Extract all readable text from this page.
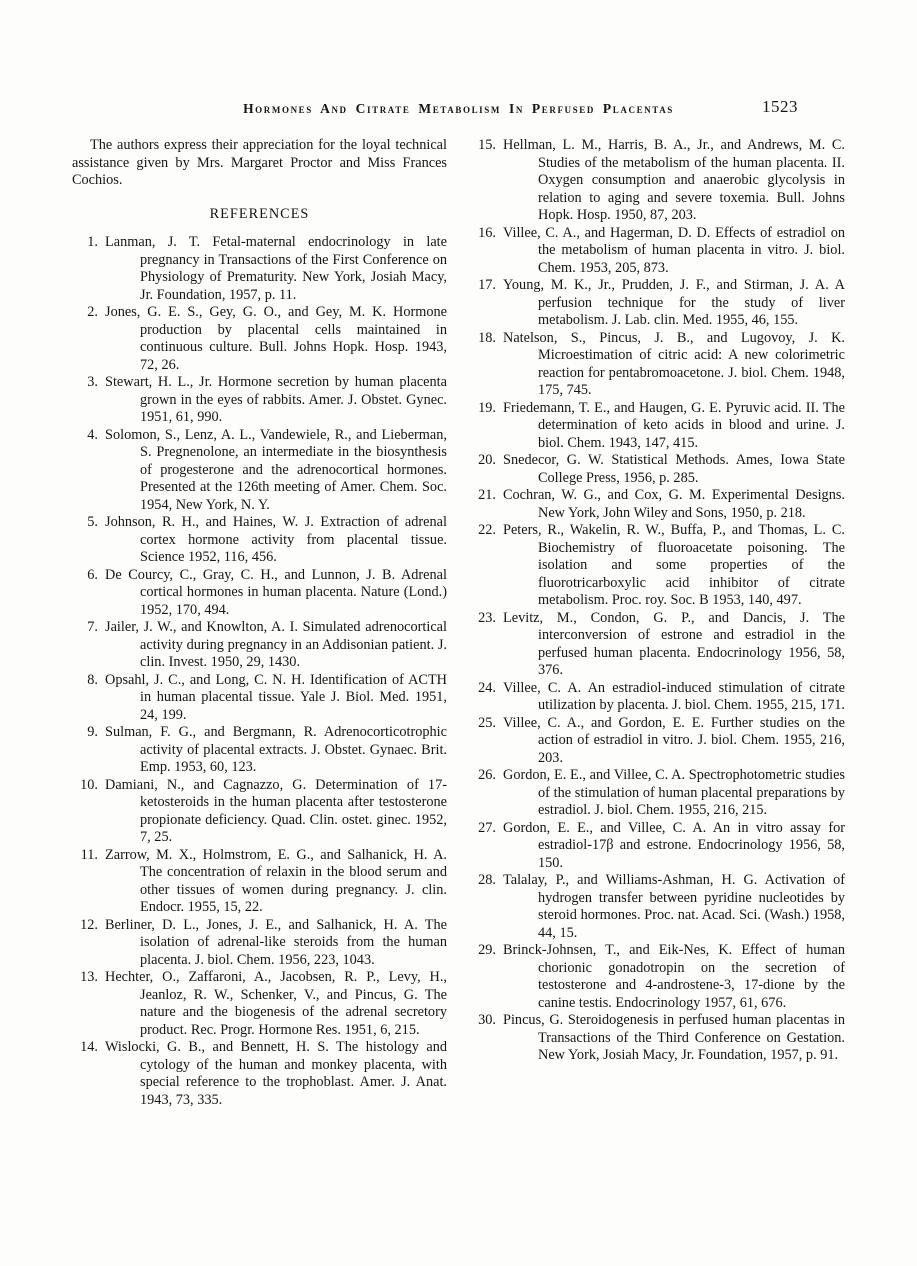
Hormones And Citrate Metabolism In Perfused Placentas	1523

The authors express their appreciation for the loyal technical assistance given by Mrs. Margaret Proctor and Miss Frances Cochios.

REFERENCES
1. Lanman, J. T. Fetal-maternal endocrinology in late pregnancy in Transactions of the First Conference on Physiology of Prematurity. New York, Josiah Macy, Jr. Foundation, 1957, p. 11.
2. Jones, G. E. S., Gey, G. O., and Gey, M. K. Hormone production by placental cells maintained in continuous culture. Bull. Johns Hopk. Hosp. 1943, 72, 26.
3. Stewart, H. L., Jr. Hormone secretion by human placenta grown in the eyes of rabbits. Amer. J. Obstet. Gynec. 1951, 61, 990.
4. Solomon, S., Lenz, A. L., Vandewiele, R., and Lieberman, S. Pregnenolone, an intermediate in the biosynthesis of progesterone and the adrenocortical hormones. Presented at the 126th meeting of Amer. Chem. Soc. 1954, New York, N. Y.
5. Johnson, R. H., and Haines, W. J. Extraction of adrenal cortex hormone activity from placental tissue. Science 1952, 116, 456.
6. De Courcy, C., Gray, C. H., and Lunnon, J. B. Adrenal cortical hormones in human placenta. Nature (Lond.) 1952, 170, 494.
7. Jailer, J. W., and Knowlton, A. I. Simulated adrenocortical activity during pregnancy in an Addisonian patient. J. clin. Invest. 1950, 29, 1430.
8. Opsahl, J. C., and Long, C. N. H. Identification of ACTH in human placental tissue. Yale J. Biol. Med. 1951, 24, 199.
9. Sulman, F. G., and Bergmann, R. Adrenocorticotrophic activity of placental extracts. J. Obstet. Gynaec. Brit. Emp. 1953, 60, 123.
10. Damiani, N., and Cagnazzo, G. Determination of 17-ketosteroids in the human placenta after testosterone propionate deficiency. Quad. Clin. ostet. ginec. 1952, 7, 25.
11. Zarrow, M. X., Holmstrom, E. G., and Salhanick, H. A. The concentration of relaxin in the blood serum and other tissues of women during pregnancy. J. clin. Endocr. 1955, 15, 22.
12. Berliner, D. L., Jones, J. E., and Salhanick, H. A. The isolation of adrenal-like steroids from the human placenta. J. biol. Chem. 1956, 223, 1043.
13. Hechter, O., Zaffaroni, A., Jacobsen, R. P., Levy, H., Jeanloz, R. W., Schenker, V., and Pincus, G. The nature and the biogenesis of the adrenal secretory product. Rec. Progr. Hormone Res. 1951, 6, 215.
14. Wislocki, G. B., and Bennett, H. S. The histology and cytology of the human and monkey placenta, with special reference to the trophoblast. Amer. J. Anat. 1943, 73, 335.
15. Hellman, L. M., Harris, B. A., Jr., and Andrews, M. C. Studies of the metabolism of the human placenta. II. Oxygen consumption and anaerobic glycolysis in relation to aging and severe toxemia. Bull. Johns Hopk. Hosp. 1950, 87, 203.
16. Villee, C. A., and Hagerman, D. D. Effects of estradiol on the metabolism of human placenta in vitro. J. biol. Chem. 1953, 205, 873.
17. Young, M. K., Jr., Prudden, J. F., and Stirman, J. A. A perfusion technique for the study of liver metabolism. J. Lab. clin. Med. 1955, 46, 155.
18. Natelson, S., Pincus, J. B., and Lugovoy, J. K. Microestimation of citric acid: A new colorimetric reaction for pentabromoacetone. J. biol. Chem. 1948, 175, 745.
19. Friedemann, T. E., and Haugen, G. E. Pyruvic acid. II. The determination of keto acids in blood and urine. J. biol. Chem. 1943, 147, 415.
20. Snedecor, G. W. Statistical Methods. Ames, Iowa State College Press, 1956, p. 285.
21. Cochran, W. G., and Cox, G. M. Experimental Designs. New York, John Wiley and Sons, 1950, p. 218.
22. Peters, R., Wakelin, R. W., Buffa, P., and Thomas, L. C. Biochemistry of fluoroacetate poisoning. The isolation and some properties of the fluorotricarboxylic acid inhibitor of citrate metabolism. Proc. roy. Soc. B 1953, 140, 497.
23. Levitz, M., Condon, G. P., and Dancis, J. The interconversion of estrone and estradiol in the perfused human placenta. Endocrinology 1956, 58, 376.
24. Villee, C. A. An estradiol-induced stimulation of citrate utilization by placenta. J. biol. Chem. 1955, 215, 171.
25. Villee, C. A., and Gordon, E. E. Further studies on the action of estradiol in vitro. J. biol. Chem. 1955, 216, 203.
26. Gordon, E. E., and Villee, C. A. Spectrophotometric studies of the stimulation of human placental preparations by estradiol. J. biol. Chem. 1955, 216, 215.
27. Gordon, E. E., and Villee, C. A. An in vitro assay for estradiol-17β and estrone. Endocrinology 1956, 58, 150.
28. Talalay, P., and Williams-Ashman, H. G. Activation of hydrogen transfer between pyridine nucleotides by steroid hormones. Proc. nat. Acad. Sci. (Wash.) 1958, 44, 15.
29. Brinck-Johnsen, T., and Eik-Nes, K. Effect of human chorionic gonadotropin on the secretion of testosterone and 4-androstene-3, 17-dione by the canine testis. Endocrinology 1957, 61, 676.
30. Pincus, G. Steroidogenesis in perfused human placentas in Transactions of the Third Conference on Gestation. New York, Josiah Macy, Jr. Foundation, 1957, p. 91.
